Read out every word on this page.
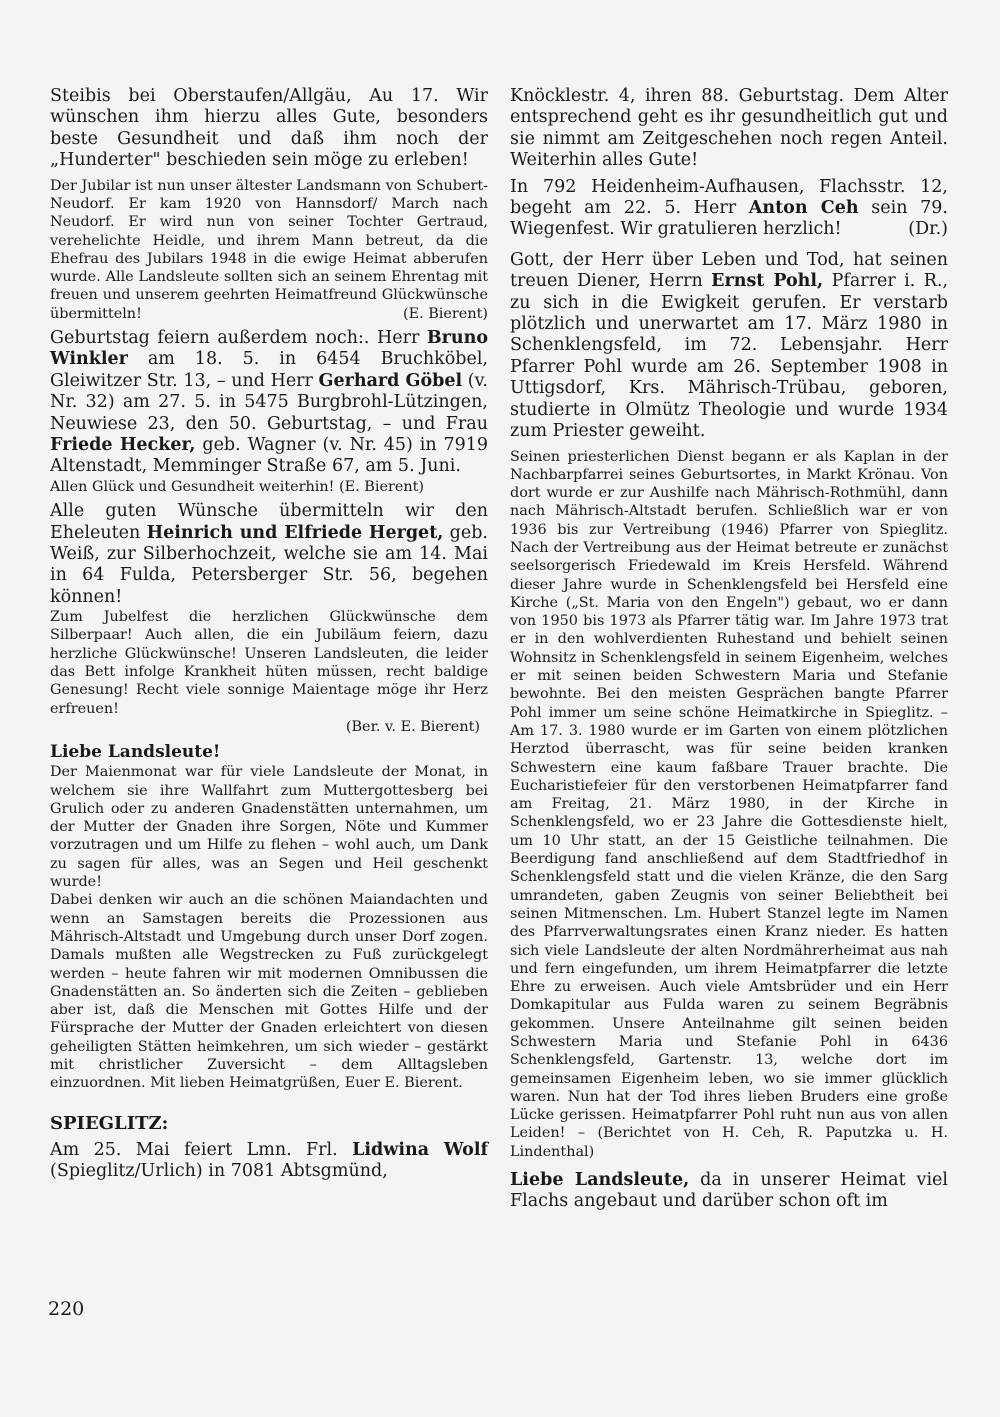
Steibis bei Oberstaufen/Allgäu, Au 17. Wir wünschen ihm hierzu alles Gute, besonders beste Gesundheit und daß ihm noch der „Hunderter" beschieden sein möge zu erleben!

Der Jubilar ist nun unser ältester Landsmann von Schubert-Neudorf. Er kam 1920 von Hannsdorf/ March nach Neudorf. Er wird nun von seiner Tochter Gertraud, verehelichte Heidle, und ihrem Mann betreut, da die Ehefrau des Jubilars 1948 in die ewige Heimat abberufen wurde. Alle Landsleute sollten sich an seinem Ehrentag mit freuen und unserem geehrten Heimatfreund Glückwünsche übermitteln!	(E. Bierent)

Geburtstag feiern außerdem noch:. Herr Bruno Winkler am 18. 5. in 6454 Bruchköbel, Gleiwitzer Str. 13, – und Herr Gerhard Göbel (v. Nr. 32) am 27. 5. in 5475 Burgbrohl-Lützingen, Neuwiese 23, den 50. Geburtstag, – und Frau Friede Hecker, geb. Wagner (v. Nr. 45) in 7919 Altenstadt, Memminger Straße 67, am 5. Juni.

Allen Glück und Gesundheit weiterhin! (E. Bierent)

Alle guten Wünsche übermitteln wir den Eheleuten Heinrich und Elfriede Herget, geb. Weiß, zur Silberhochzeit, welche sie am 14. Mai in 64 Fulda, Petersberger Str. 56, begehen können!

Zum Jubelfest die herzlichen Glückwünsche dem Silberpaar! Auch allen, die ein Jubiläum feiern, dazu herzliche Glückwünsche! Unseren Landsleuten, die leider das Bett infolge Krankheit hüten müssen, recht baldige Genesung! Recht viele sonnige Maientage möge ihr Herz erfreuen!

(Ber. v. E. Bierent)
Liebe Landsleute!

Der Maienmonat war für viele Landsleute der Monat, in welchem sie ihre Wallfahrt zum Muttergottesberg bei Grulich oder zu anderen Gnadenstätten unternahmen, um der Mutter der Gnaden ihre Sorgen, Nöte und Kummer vorzutragen und um Hilfe zu flehen – wohl auch, um Dank zu sagen für alles, was an Segen und Heil geschenkt wurde!

Dabei denken wir auch an die schönen Maiandachten und wenn an Samstagen bereits die Prozessionen aus Mährisch-Altstadt und Umgebung durch unser Dorf zogen. Damals mußten alle Wegstrecken zu Fuß zurückgelegt werden – heute fahren wir mit modernen Omnibussen die Gnadenstätten an. So änderten sich die Zeiten – geblieben aber ist, daß die Menschen mit Gottes Hilfe und der Fürsprache der Mutter der Gnaden erleichtert von diesen geheiligten Stätten heimkehren, um sich wieder – gestärkt mit christlicher Zuversicht – dem Alltagsleben einzuordnen. Mit lieben Heimatgrüßen, Euer E. Bierent.

SPIEGLITZ:

Am 25. Mai feiert Lmn. Frl. Lidwina Wolf (Spieglitz/Urlich) in 7081 Abtsgmünd,

Knöcklestr. 4, ihren 88. Geburtstag. Dem Alter entsprechend geht es ihr gesundheitlich gut und sie nimmt am Zeitgeschehen noch regen Anteil. Weiterhin alles Gute!

In 792 Heidenheim-Aufhausen, Flachsstr. 12, begeht am 22. 5. Herr Anton Ceh sein 79. Wiegenfest. Wir gratulieren herzlich!	(Dr.)

Gott, der Herr über Leben und Tod, hat seinen treuen Diener, Herrn Ernst Pohl, Pfarrer i. R., zu sich in die Ewigkeit gerufen. Er verstarb plötzlich und unerwartet am 17. März 1980 in Schenklengsfeld, im 72. Lebensjahr. Herr Pfarrer Pohl wurde am 26. September 1908 in Uttigsdorf, Krs. Mährisch-Trübau, geboren, studierte in Olmütz Theologie und wurde 1934 zum Priester geweiht.

Seinen priesterlichen Dienst begann er als Kaplan in der Nachbarpfarrei seines Geburtsortes, in Markt Krönau. Von dort wurde er zur Aushilfe nach Mährisch-Rothmühl, dann nach Mährisch-Altstadt berufen. Schließlich war er von 1936 bis zur Vertreibung (1946) Pfarrer von Spieglitz. Nach der Vertreibung aus der Heimat betreute er zunächst seelsorgerisch Friedewald im Kreis Hersfeld. Während dieser Jahre wurde in Schenklengsfeld bei Hersfeld eine Kirche („St. Maria von den Engeln") gebaut, wo er dann von 1950 bis 1973 als Pfarrer tätig war. Im Jahre 1973 trat er in den wohlverdienten Ruhestand und behielt seinen Wohnsitz in Schenklengsfeld in seinem Eigenheim, welches er mit seinen beiden Schwestern Maria und Stefanie bewohnte. Bei den meisten Gesprächen bangte Pfarrer Pohl immer um seine schöne Heimatkirche in Spieglitz. – Am 17. 3. 1980 wurde er im Garten von einem plötzlichen Herztod überrascht, was für seine beiden kranken Schwestern eine kaum faßbare Trauer brachte. Die Eucharistiefeier für den verstorbenen Heimatpfarrer fand am Freitag, 21. März 1980, in der Kirche in Schenklengsfeld, wo er 23 Jahre die Gottesdienste hielt, um 10 Uhr statt, an der 15 Geistliche teilnahmen. Die Beerdigung fand anschließend auf dem Stadtfriedhof in Schenklengsfeld statt und die vielen Kränze, die den Sarg umrandeten, gaben Zeugnis von seiner Beliebtheit bei seinen Mitmenschen. Lm. Hubert Stanzel legte im Namen des Pfarrverwaltungsrates einen Kranz nieder. Es hatten sich viele Landsleute der alten Nordmährerheimat aus nah und fern eingefunden, um ihrem Heimatpfarrer die letzte Ehre zu erweisen. Auch viele Amtsbrüder und ein Herr Domkapitular aus Fulda waren zu seinem Begräbnis gekommen. Unsere Anteilnahme gilt seinen beiden Schwestern Maria und Stefanie Pohl in 6436 Schenklengsfeld, Gartenstr. 13, welche dort im gemeinsamen Eigenheim leben, wo sie immer glücklich waren. Nun hat der Tod ihres lieben Bruders eine große Lücke gerissen. Heimatpfarrer Pohl ruht nun aus von allen Leiden! – (Berichtet von H. Ceh, R. Paputzka u. H. Lindenthal)

Liebe Landsleute, da in unserer Heimat viel Flachs angebaut und darüber schon oft im

220
